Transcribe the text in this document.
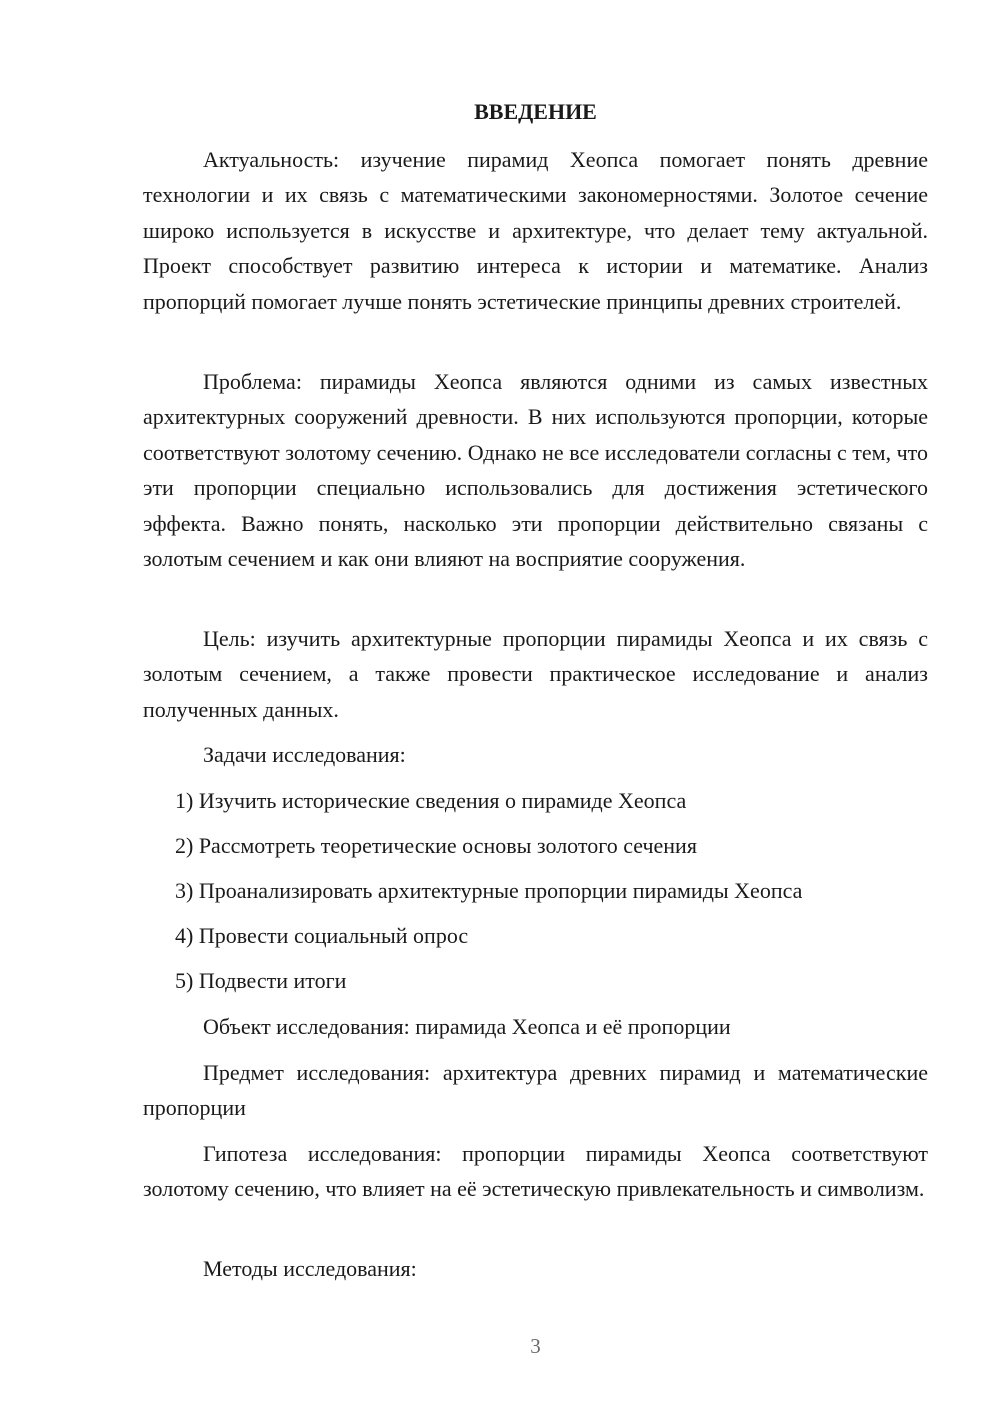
ВВЕДЕНИЕ

Актуальность: изучение пирамид Хеопса помогает понять древние технологии и их связь с математическими закономерностями. Золотое сечение широко используется в искусстве и архитектуре, что делает тему актуальной. Проект способствует развитию интереса к истории и математике. Анализ пропорций помогает лучше понять эстетические принципы древних строителей.

Проблема: пирамиды Хеопса являются одними из самых известных архитектурных сооружений древности. В них используются пропорции, которые соответствуют золотому сечению. Однако не все исследователи согласны с тем, что эти пропорции специально использовались для достижения эстетического эффекта. Важно понять, насколько эти пропорции действительно связаны с золотым сечением и как они влияют на восприятие сооружения.

Цель: изучить архитектурные пропорции пирамиды Хеопса и их связь с золотым сечением, а также провести практическое исследование и анализ полученных данных.

Задачи исследования:

1) Изучить исторические сведения о пирамиде Хеопса

2) Рассмотреть теоретические основы золотого сечения

3) Проанализировать архитектурные пропорции пирамиды Хеопса

4) Провести социальный опрос

5) Подвести итоги

Объект исследования: пирамида Хеопса и её пропорции

Предмет исследования: архитектура древних пирамид и математические пропорции

Гипотеза исследования: пропорции пирамиды Хеопса соответствуют золотому сечению, что влияет на её эстетическую привлекательность и символизм.

Методы исследования:

3
